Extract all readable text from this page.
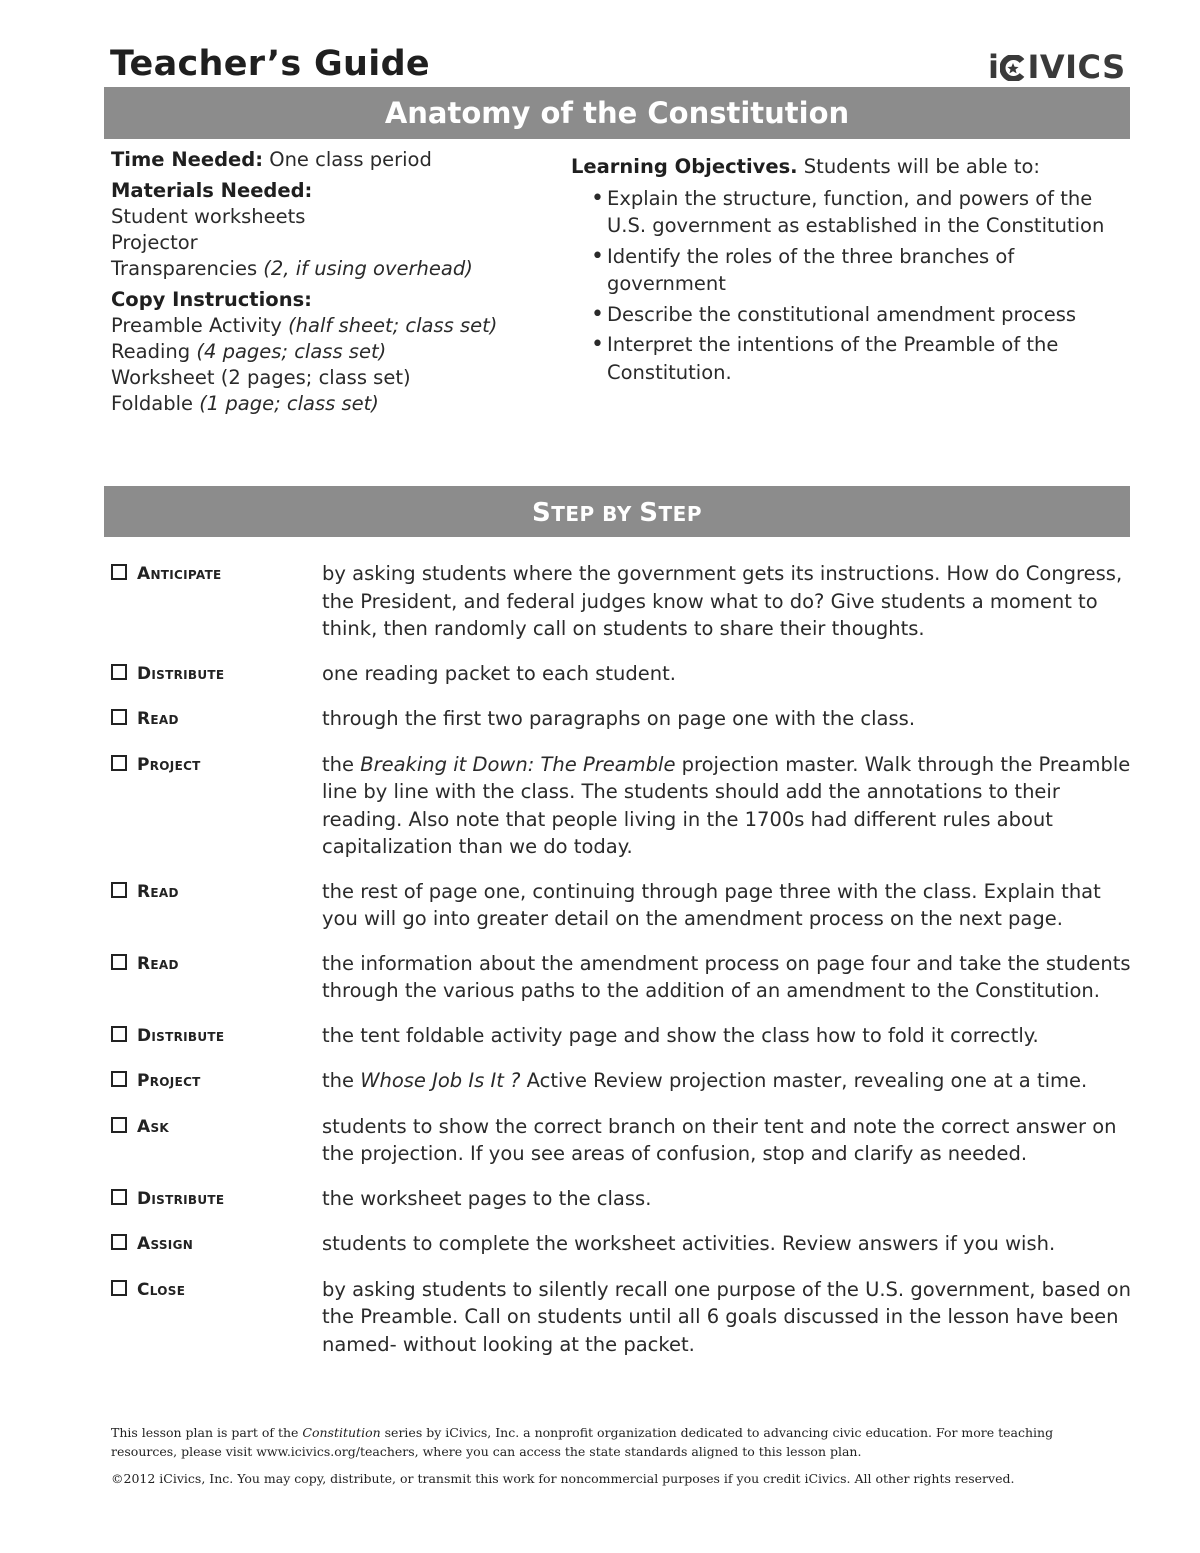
Teacher’s Guide	i IVICS
Anatomy of the Constitution
Time Needed: One class period
Materials Needed:
Student worksheets
Projector
Transparencies (2, if using overhead)
Copy Instructions:
Preamble Activity (half sheet; class set)
Reading (4 pages; class set)
Worksheet (2 pages; class set)
Foldable (1 page; class set)
Learning Objectives. Students will be able to:
• Explain the structure, function, and powers of the U.S. government as established in the Constitution
• Identify the roles of the three branches of government
• Describe the constitutional amendment process
• Interpret the intentions of the Preamble of the Constitution.
STEP BY STEP
Anticipate	by asking students where the government gets its instructions. How do Congress, the President, and federal judges know what to do? Give students a moment to think, then randomly call on students to share their thoughts.
Distribute	one reading packet to each student.
Read	through the first two paragraphs on page one with the class.
Project	the Breaking it Down: The Preamble projection master. Walk through the Preamble line by line with the class. The students should add the annotations to their reading. Also note that people living in the 1700s had different rules about capitalization than we do today.
Read	the rest of page one, continuing through page three with the class. Explain that you will go into greater detail on the amendment process on the next page.
Read	the information about the amendment process on page four and take the students through the various paths to the addition of an amendment to the Constitution.
Distribute	the tent foldable activity page and show the class how to fold it correctly.
Project	the Whose Job Is It ? Active Review projection master, revealing one at a time.
Ask	students to show the correct branch on their tent and note the correct answer on the projection. If you see areas of confusion, stop and clarify as needed.
Distribute	the worksheet pages to the class.
Assign	students to complete the worksheet activities. Review answers if you wish.
Close	by asking students to silently recall one purpose of the U.S. government, based on the Preamble. Call on students until all 6 goals discussed in the lesson have been named- without looking at the packet.
This lesson plan is part of the Constitution series by iCivics, Inc. a nonprofit organization dedicated to advancing civic education. For more teaching resources, please visit www.icivics.org/teachers, where you can access the state standards aligned to this lesson plan.
©2012 iCivics, Inc. You may copy, distribute, or transmit this work for noncommercial purposes if you credit iCivics. All other rights reserved.
